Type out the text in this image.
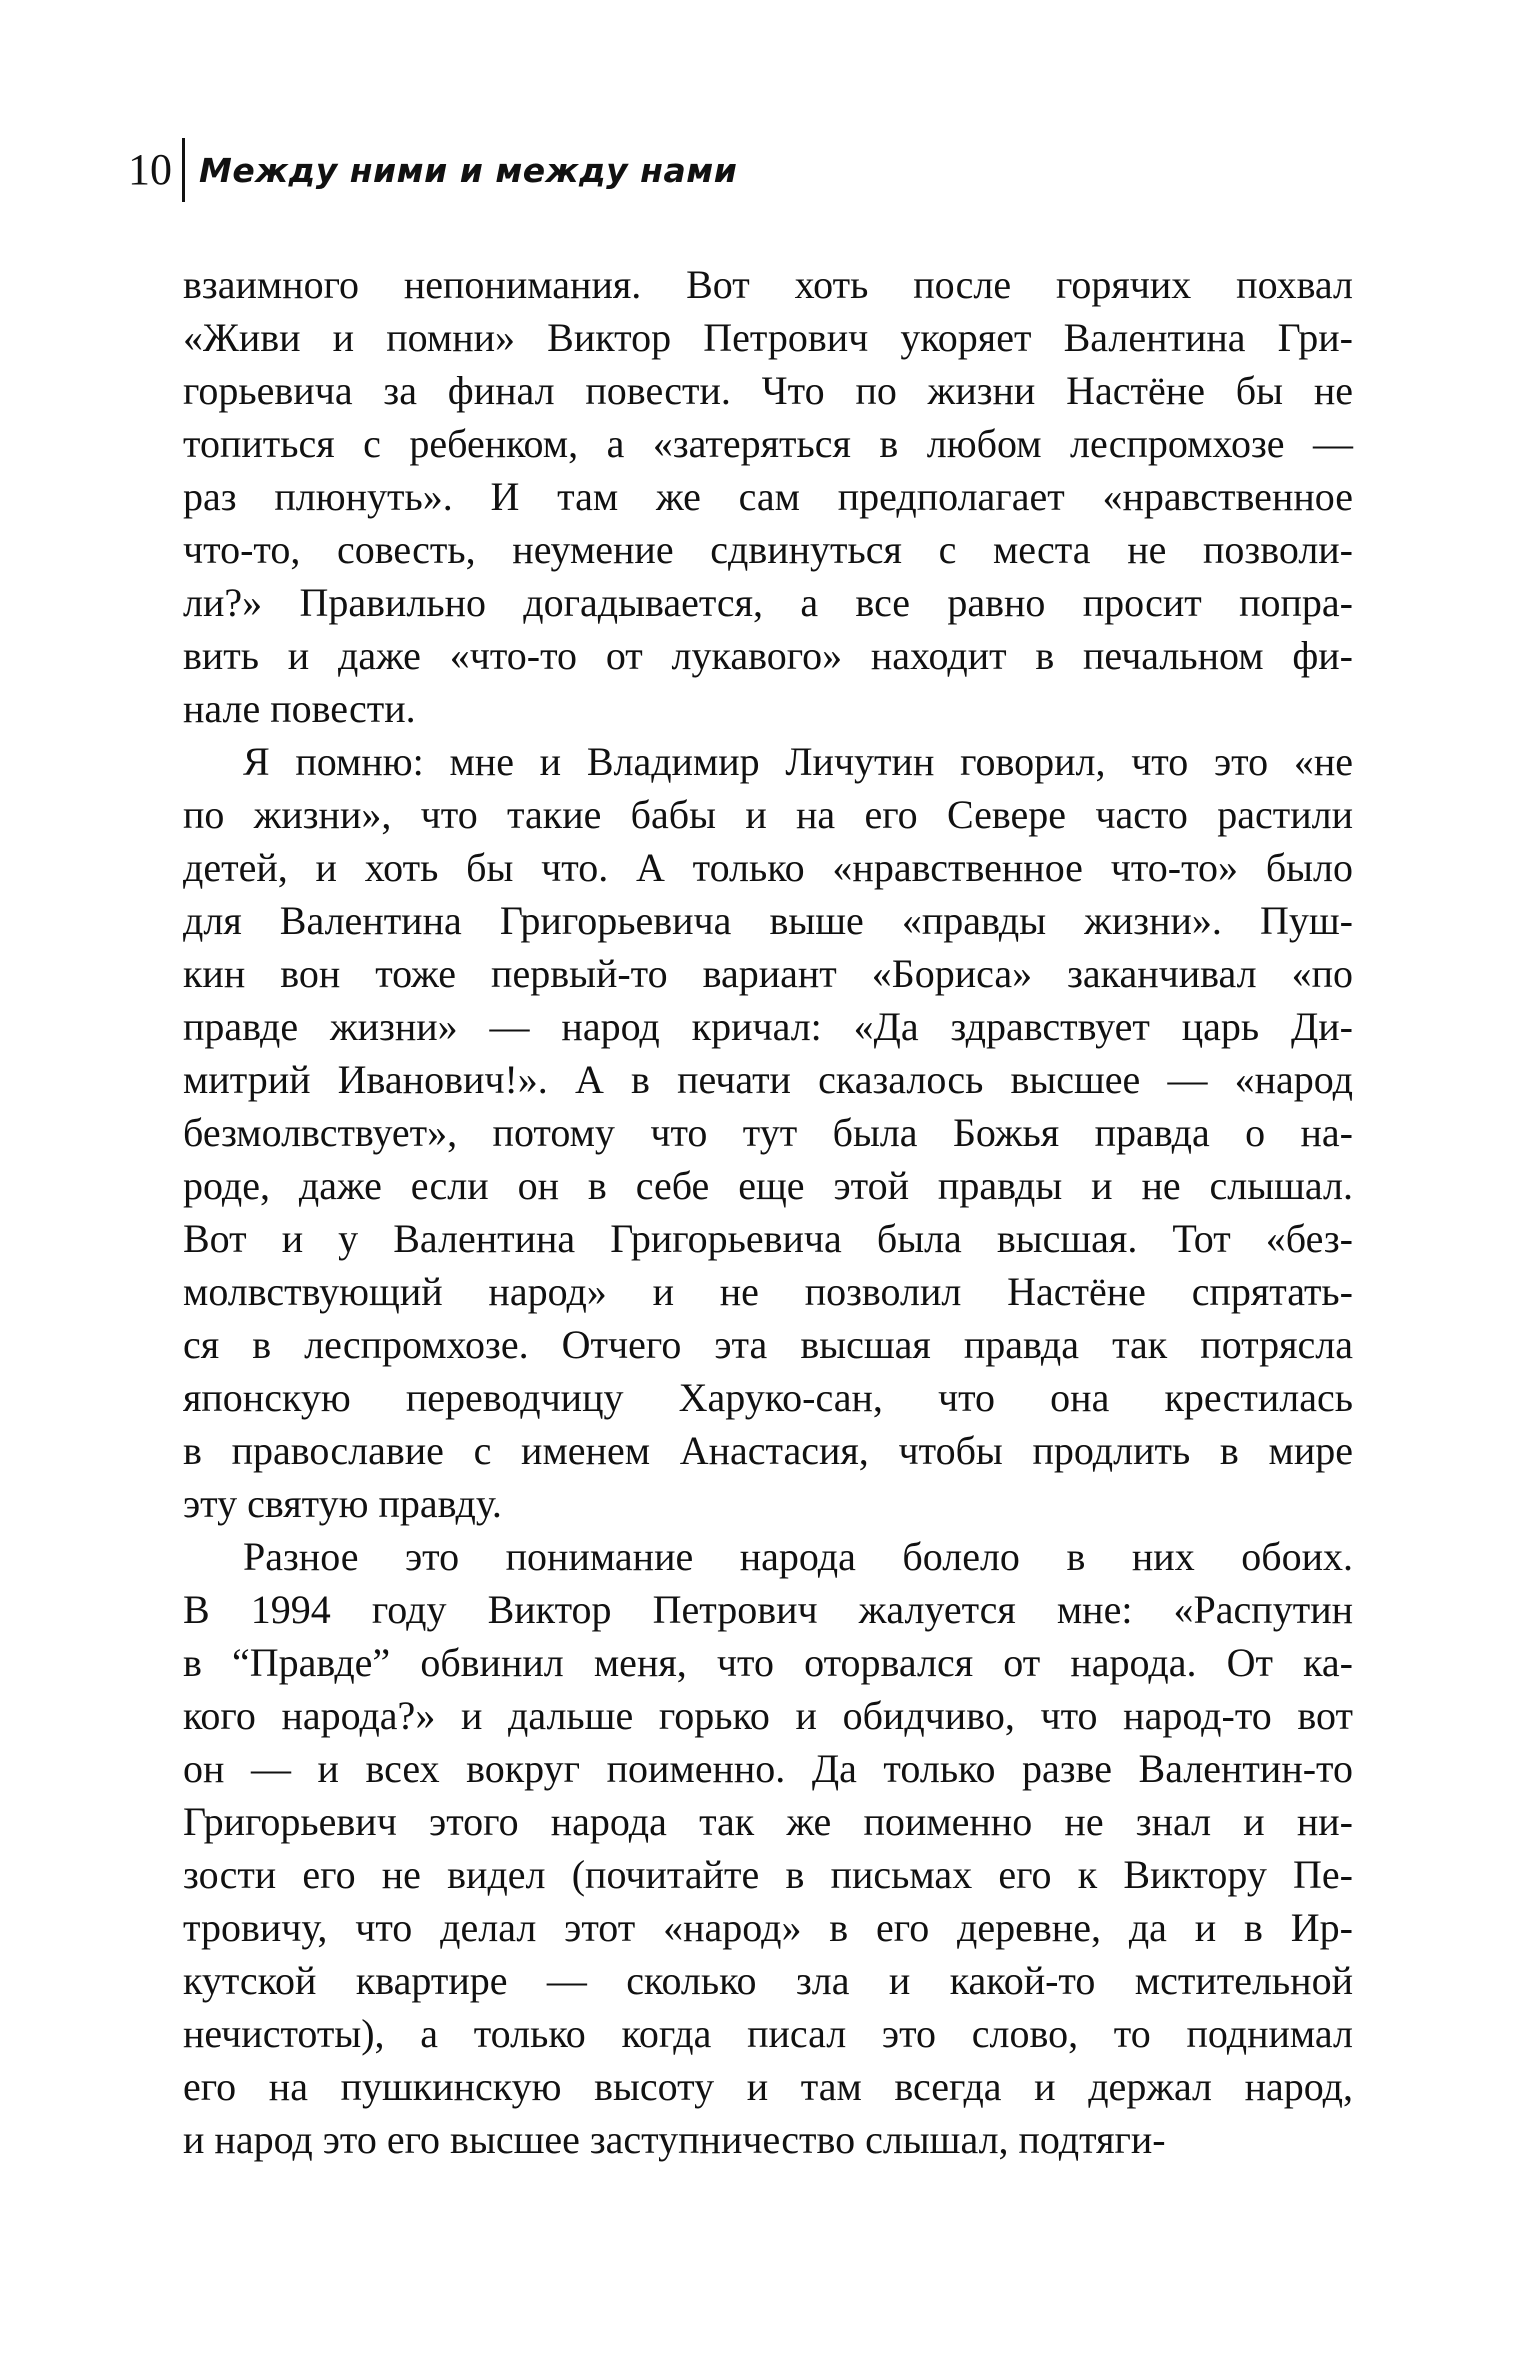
10 Между ними и между нами
взаимного непонимания. Вот хоть после горячих похвал
«Живи и помни» Виктор Петрович укоряет Валентина Гри-
горьевича за финал повести. Что по жизни Настёне бы не
топиться с ребенком, а «затеряться в любом леспромхозе —
раз плюнуть». И там же сам предполагает «нравственное
что-то, совесть, неумение сдвинуться с места не позволи-
ли?» Правильно догадывается, а все равно просит попра-
вить и даже «что-то от лукавого» находит в печальном фи-
нале повести.
Я помню: мне и Владимир Личутин говорил, что это «не
по жизни», что такие бабы и на его Севере часто растили
детей, и хоть бы что. А только «нравственное что-то» было
для Валентина Григорьевича выше «правды жизни». Пуш-
кин вон тоже первый-то вариант «Бориса» заканчивал «по
правде жизни» — народ кричал: «Да здравствует царь Ди-
митрий Иванович!». А в печати сказалось высшее — «народ
безмолвствует», потому что тут была Божья правда о на-
роде, даже если он в себе еще этой правды и не слышал.
Вот и у Валентина Григорьевича была высшая. Тот «без-
молвствующий народ» и не позволил Настёне спрятать-
ся в леспромхозе. Отчего эта высшая правда так потрясла
японскую переводчицу Харуко-сан, что она крестилась
в православие с именем Анастасия, чтобы продлить в мире
эту святую правду.
Разное это понимание народа болело в них обоих.
В 1994 году Виктор Петрович жалуется мне: «Распутин
в “Правде” обвинил меня, что оторвался от народа. От ка-
кого народа?» и дальше горько и обидчиво, что народ-то вот
он — и всех вокруг поименно. Да только разве Валентин-то
Григорьевич этого народа так же поименно не знал и ни-
зости его не видел (почитайте в письмах его к Виктору Пе-
тровичу, что делал этот «народ» в его деревне, да и в Ир-
кутской квартире — сколько зла и какой-то мстительной
нечистоты), а только когда писал это слово, то поднимал
его на пушкинскую высоту и там всегда и держал народ,
и народ это его высшее заступничество слышал, подтяги-
